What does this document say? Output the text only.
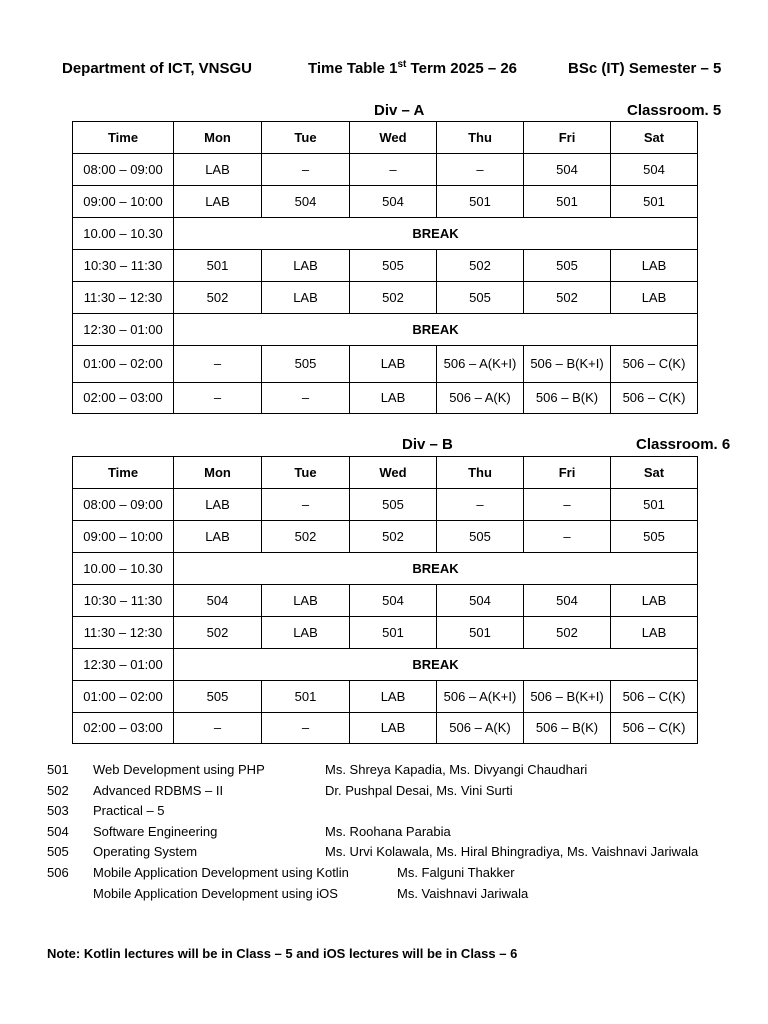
Department of ICT, VNSGU	Time Table 1st Term 2025 – 26	BSc (IT) Semester – 5
Div – A	Classroom. 5
Time	Mon	Tue	Wed	Thu	Fri	Sat
08:00 – 09:00	LAB	–	–	–	504	504
09:00 – 10:00	LAB	504	504	501	501	501
10.00 – 10.30	BREAK					
10:30 – 11:30	501	LAB	505	502	505	LAB
11:30 – 12:30	502	LAB	502	505	502	LAB
12:30 – 01:00	BREAK					
01:00 – 02:00	–	505	LAB	506 – A(K+I)	506 – B(K+I)	506 – C(K)
02:00 – 03:00	–	–	LAB	506 – A(K)	506 – B(K)	506 – C(K)
Div – B	Classroom. 6
Time	Mon	Tue	Wed	Thu	Fri	Sat
08:00 – 09:00	LAB	–	505	–	–	501
09:00 – 10:00	LAB	502	502	505	–	505
10.00 – 10.30	BREAK					
10:30 – 11:30	504	LAB	504	504	504	LAB
11:30 – 12:30	502	LAB	501	501	502	LAB
12:30 – 01:00	BREAK					
01:00 – 02:00	505	501	LAB	506 – A(K+I)	506 – B(K+I)	506 – C(K)
02:00 – 03:00	–	–	LAB	506 – A(K)	506 – B(K)	506 – C(K)
501 Web Development using PHP	Ms. Shreya Kapadia, Ms. Divyangi Chaudhari
502 Advanced RDBMS – II	Dr. Pushpal Desai, Ms. Vini Surti
503 Practical – 5
504 Software Engineering	Ms. Roohana Parabia
505 Operating System	Ms. Urvi Kolawala, Ms. Hiral Bhingradiya, Ms. Vaishnavi Jariwala
506 Mobile Application Development using Kotlin	Ms. Falguni Thakker
Mobile Application Development using iOS	Ms. Vaishnavi Jariwala
Note: Kotlin lectures will be in Class – 5 and iOS lectures will be in Class – 6
